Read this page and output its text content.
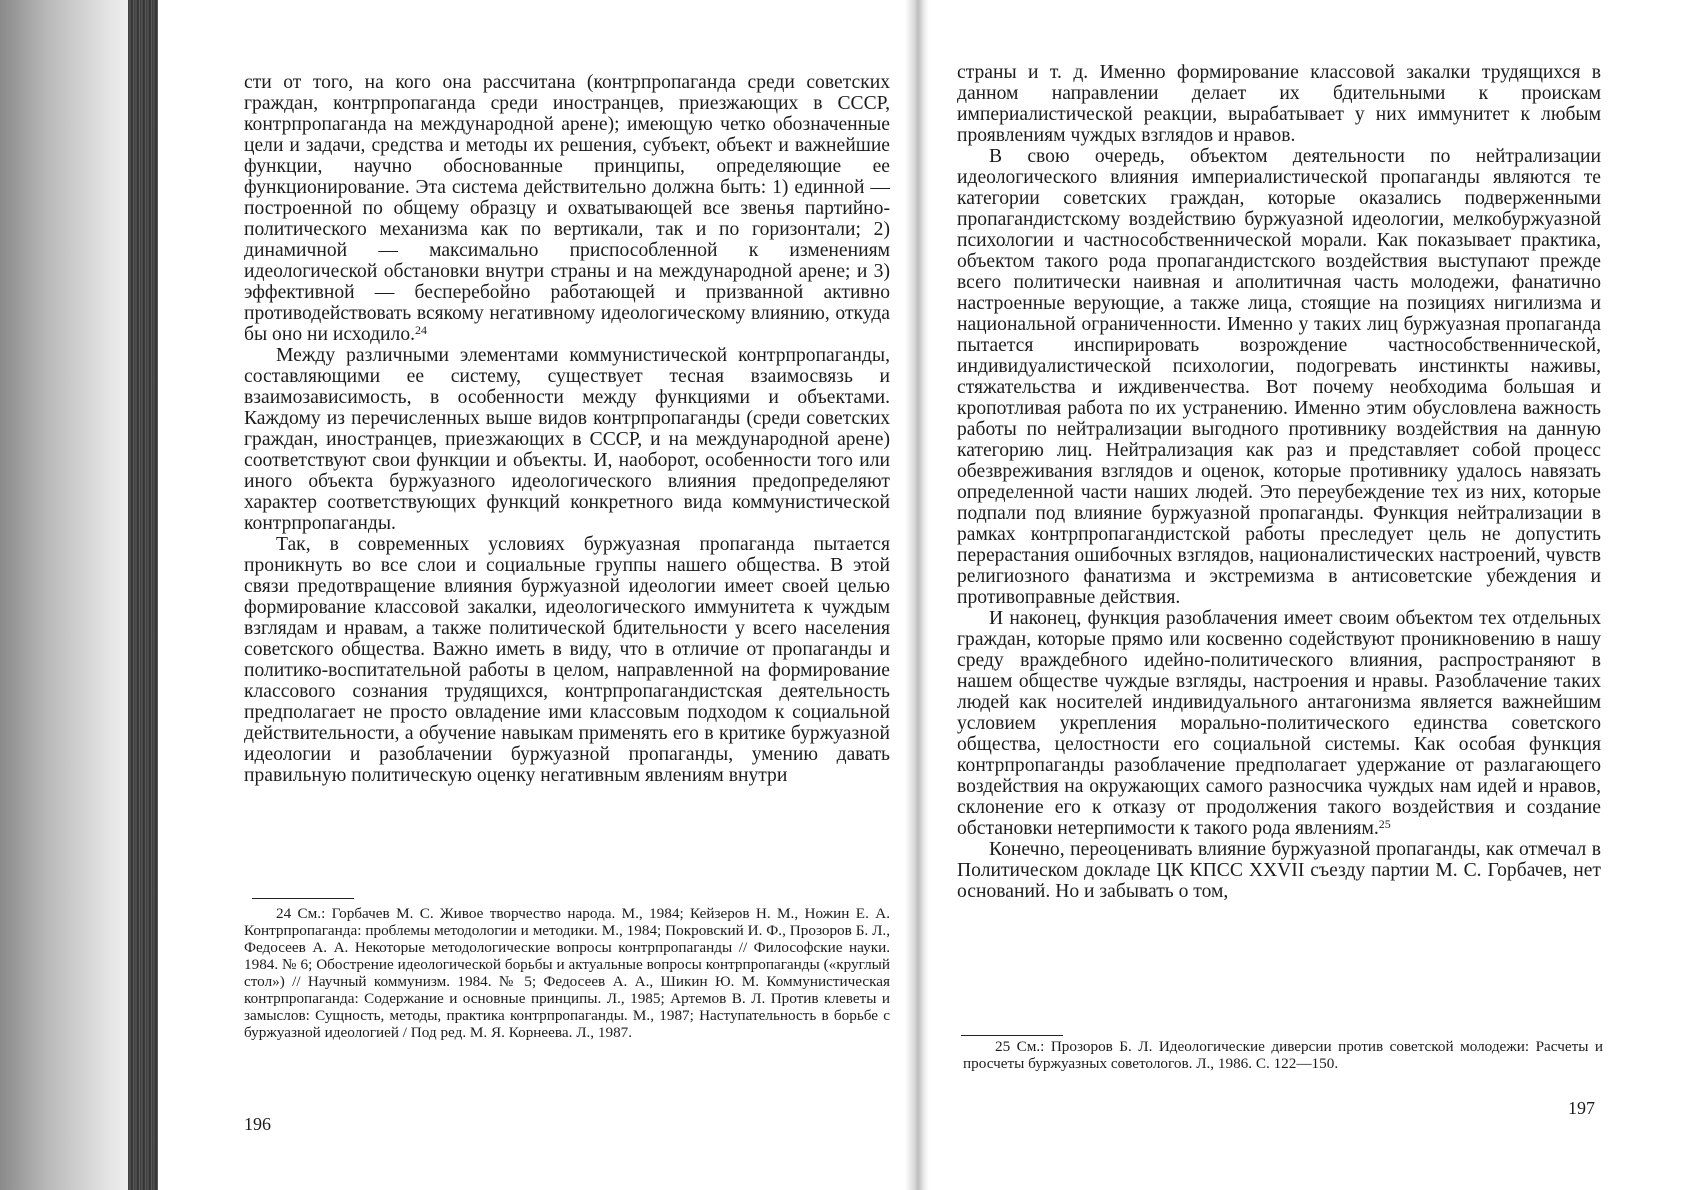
сти от того, на кого она рассчитана (контрпропаганда среди советских граждан, контрпропаганда среди иностранцев, приезжающих в СССР, контрпропаганда на международной арене); имеющую четко обозначенные цели и задачи, средства и методы их решения, субъект, объект и важнейшие функции, научно обоснованные принципы, определяющие ее функционирование. Эта система действительно должна быть: 1) единной — построенной по общему образцу и охватывающей все звенья партийно-политического механизма как по вертикали, так и по горизонтали; 2) динамичной — максимально приспособленной к изменениям идеологической обстановки внутри страны и на международной арене; и 3) эффективной — бесперебойно работающей и призванной активно противодействовать всякому негативному идеологическому влиянию, откуда бы оно ни исходило.$^{24}$

Между различными элементами коммунистической контрпропаганды, составляющими ее систему, существует тесная взаимосвязь и взаимозависимость, в особенности между функциями и объектами. Каждому из перечисленных выше видов контрпропаганды (среди советских граждан, иностранцев, приезжающих в СССР, и на международной арене) соответствуют свои функции и объекты. И, наоборот, особенности того или иного объекта буржуазного идеологического влияния предопределяют характер соответствующих функций конкретного вида коммунистической контрпропаганды.

Так, в современных условиях буржуазная пропаганда пытается проникнуть во все слои и социальные группы нашего общества. В этой связи предотвращение влияния буржуазной идеологии имеет своей целью формирование классовой закалки, идеологического иммунитета к чуждым взглядам и нравам, а также политической бдительности у всего населения советского общества. Важно иметь в виду, что в отличие от пропаганды и политико-воспитательной работы в целом, направленной на формирование классового сознания трудящихся, контрпропагандистская деятельность предполагает не просто овладение ими классовым подходом к социальной действительности, а обучение навыкам применять его в критике буржуазной идеологии и разоблачении буржуазной пропаганды, умению давать правильную политическую оценку негативным явлениям внутри

24 См.: Горбачев М. С. Живое творчество народа. М., 1984; Кейзеров Н. М., Ножин Е. А. Контрпропаганда: проблемы методологии и методики. М., 1984; Покровский И. Ф., Прозоров Б. Л., Федосеев А. А. Некоторые методологические вопросы контрпропаганды // Философские науки. 1984. № 6; Обострение идеологической борьбы и актуальные вопросы контрпропаганды («круглый стол») // Научный коммунизм. 1984. № 5; Федосеев А. А., Шикин Ю. М. Коммунистическая контрпропаганда: Содержание и основные принципы. Л., 1985; Артемов В. Л. Против клеветы и замыслов: Сущность, методы, практика контрпропаганды. М., 1987; Наступательность в борьбе с буржуазной идеологией / Под ред. М. Я. Корнеева. Л., 1987.

196

страны и т. д. Именно формирование классовой закалки трудящихся в данном направлении делает их бдительными к проискам империалистической реакции, вырабатывает у них иммунитет к любым проявлениям чуждых взглядов и нравов.

В свою очередь, объектом деятельности по нейтрализации идеологического влияния империалистической пропаганды являются те категории советских граждан, которые оказались подверженными пропагандистскому воздействию буржуазной идеологии, мелкобуржуазной психологии и частнособственнической морали. Как показывает практика, объектом такого рода пропагандистского воздействия выступают прежде всего политически наивная и аполитичная часть молодежи, фанатично настроенные верующие, а также лица, стоящие на позициях нигилизма и национальной ограниченности. Именно у таких лиц буржуазная пропаганда пытается инспирировать возрождение частнособственнической, индивидуалистической психологии, подогревать инстинкты наживы, стяжательства и иждивенчества. Вот почему необходима большая и кропотливая работа по их устранению. Именно этим обусловлена важность работы по нейтрализации выгодного противнику воздействия на данную категорию лиц. Нейтрализация как раз и представляет собой процесс обезвреживания взглядов и оценок, которые противнику удалось навязать определенной части наших людей. Это переубеждение тех из них, которые подпали под влияние буржуазной пропаганды. Функция нейтрализации в рамках контрпропагандистской работы преследует цель не допустить перерастания ошибочных взглядов, националистических настроений, чувств религиозного фанатизма и экстремизма в антисоветские убеждения и противоправные действия.

И наконец, функция разоблачения имеет своим объектом тех отдельных граждан, которые прямо или косвенно содействуют проникновению в нашу среду враждебного идейно-политического влияния, распространяют в нашем обществе чуждые взгляды, настроения и нравы. Разоблачение таких людей как носителей индивидуального антагонизма является важнейшим условием укрепления морально-политического единства советского общества, целостности его социальной системы. Как особая функция контрпропаганды разоблачение предполагает удержание от разлагающего воздействия на окружающих самого разносчика чуждых нам идей и нравов, склонение его к отказу от продолжения такого воздействия и создание обстановки нетерпимости к такого рода явлениям.$^{25}$

Конечно, переоценивать влияние буржуазной пропаганды, как отмечал в Политическом докладе ЦК КПСС XXVII съезду партии М. С. Горбачев, нет оснований. Но и забывать о том,

25 См.: Прозоров Б. Л. Идеологические диверсии против советской молодежи: Расчеты и просчеты буржуазных советологов. Л., 1986. С. 122—150.

197
